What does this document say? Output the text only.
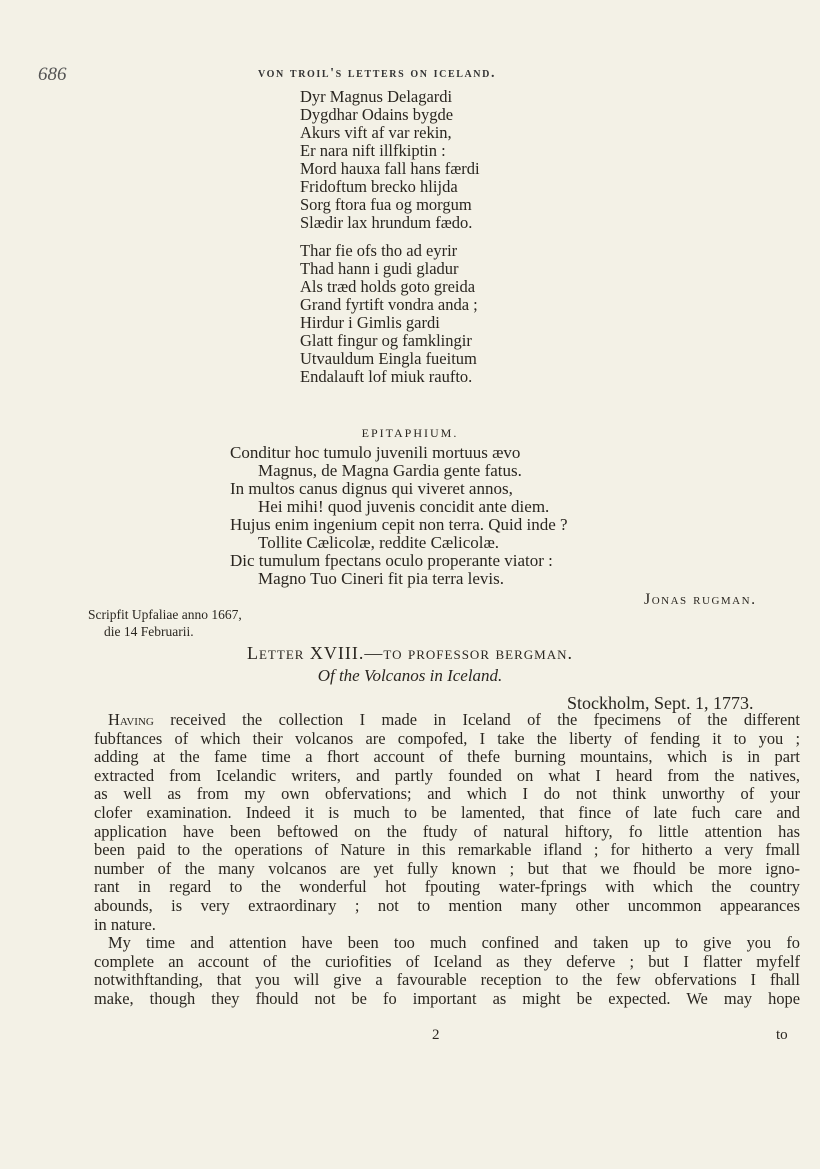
686	von troil's letters on iceland.
Dyr Magnus Delagardi
Dygdhar Odains bygde
Akurs vift af var rekin,
Er nara nift illfkiptin :
Mord hauxa fall hans færdi
Fridoftum brecko hlijda
Sorg ftora fua og morgum
Slædir lax hrundum fædo.
Thar fie ofs tho ad eyrir
Thad hann i gudi gladur
Als træd holds goto greida
Grand fyrtift vondra anda ;
Hirdur i Gimlis gardi
Glatt fingur og famklingir
Utvauldum Eingla fueitum
Endalauft lof miuk raufto.
EPITAPHIUM.
Conditur hoc tumulo juvenili mortuus ævo
Magnus, de Magna Gardia gente fatus.
In multos canus dignus qui viveret annos,
Hei mihi! quod juvenis concidit ante diem.
Hujus enim ingenium cepit non terra. Quid inde ?
Tollite Cælicolæ, reddite Cælicolæ.
Dic tumulum fpectans oculo properante viator :
Magno Tuo Cineri fit pia terra levis.
Jonas rugman.
Scripfit Upfaliae anno 1667,
die 14 Februarii.
Letter XVIII.—to professor bergman.
Of the Volcanos in Iceland.
Stockholm, Sept. 1, 1773.
Having received the collection I made in Iceland of the fpecimens of the different
fubftances of which their volcanos are compofed, I take the liberty of fending it to you ;
adding at the fame time a fhort account of thefe burning mountains, which is in part
extracted from Icelandic writers, and partly founded on what I heard from the natives,
as well as from my own obfervations; and which I do not think unworthy of your
clofer examination. Indeed it is much to be lamented, that fince of late fuch care and
application have been beftowed on the ftudy of natural hiftory, fo little attention has
been paid to the operations of Nature in this remarkable ifland ; for hitherto a very fmall
number of the many volcanos are yet fully known ; but that we fhould be more igno-
rant in regard to the wonderful hot fpouting water-fprings with which the country
abounds, is very extraordinary ; not to mention many other uncommon appearances
in nature.
My time and attention have been too much confined and taken up to give you fo
complete an account of the curiofities of Iceland as they deferve ; but I flatter myfelf
notwithftanding, that you will give a favourable reception to the few obfervations I fhall
make, though they fhould not be fo important as might be expected. We may hope
2	to
